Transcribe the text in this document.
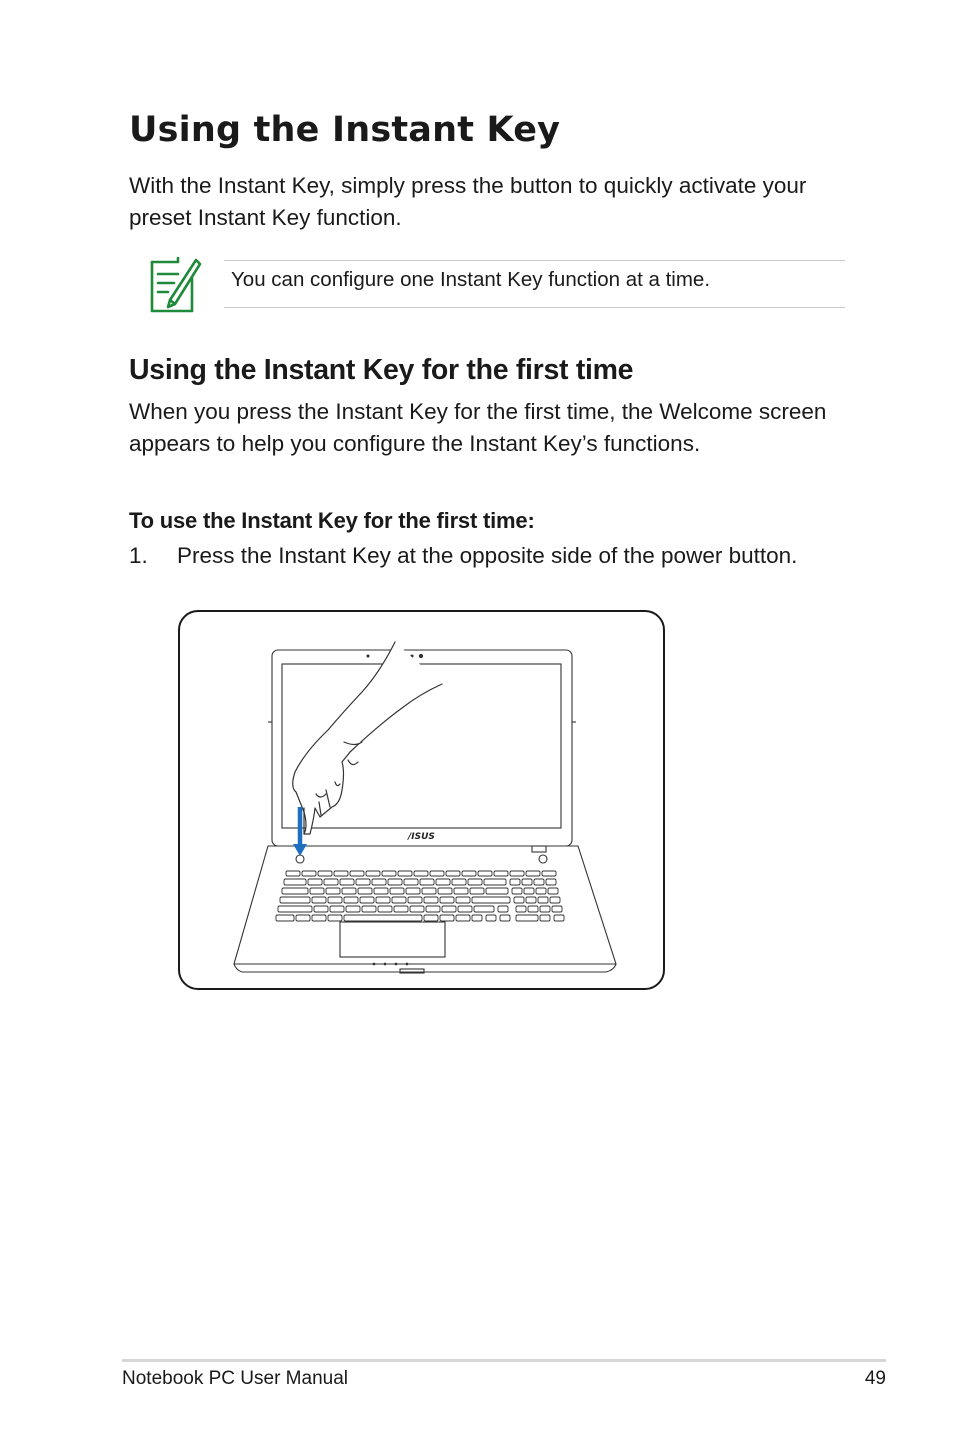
Using the Instant Key

With the Instant Key, simply press the button to quickly activate your preset Instant Key function.

You can configure one Instant Key function at a time.
Using the Instant Key for the first time

When you press the Instant Key for the first time, the Welcome screen appears to help you configure the Instant Key’s functions.

To use the Instant Key for the first time:
1. Press the Instant Key at the opposite side of the power button.
/ISUS
Notebook PC User Manual	49
